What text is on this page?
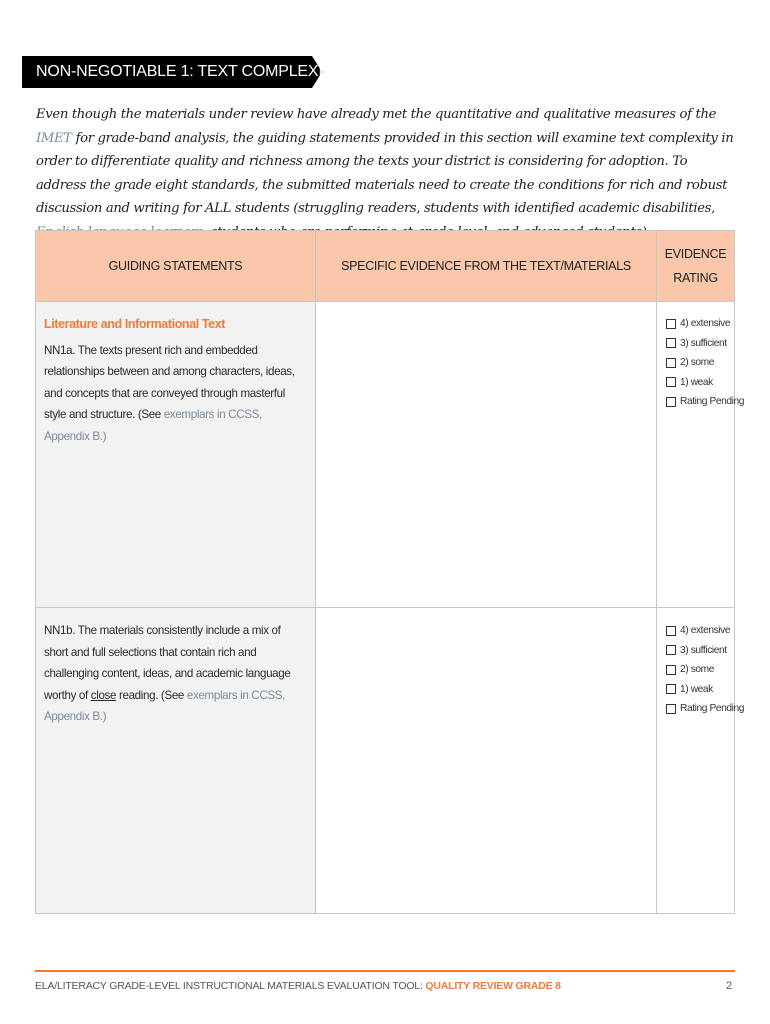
NON-NEGOTIABLE 1: TEXT COMPLEXITY
Even though the materials under review have already met the quantitative and qualitative measures of the IMET for grade-band analysis, the guiding statements provided in this section will examine text complexity in order to differentiate quality and richness among the texts your district is considering for adoption. To address the grade eight standards, the submitted materials need to create the conditions for rich and robust discussion and writing for ALL students (struggling readers, students with identified academic disabilities,
GUIDING STATEMENTS	SPECIFIC EVIDENCE FROM THE TEXT/MATERIALS
EVIDENCE
RATING
Literature and Informational Text
NN1a. The texts present rich and embedded relationships between and among characters, ideas, and concepts that are conveyed through masterful style and structure. (See exemplars in CCSS, Appendix B.)
4) extensive
3) sufficient
2) some
1) weak
Rating Pending
NN1b. The materials consistently include a mix of short and full selections that contain rich and challenging content, ideas, and academic language worthy of close reading. (See exemplars in CCSS, Appendix B.)
4) extensive
3) sufficient
2) some
1) weak
Rating Pending
ELA/LITERACY GRADE-LEVEL INSTRUCTIONAL MATERIALS EVALUATION TOOL: QUALITY REVIEW GRADE 8	2
